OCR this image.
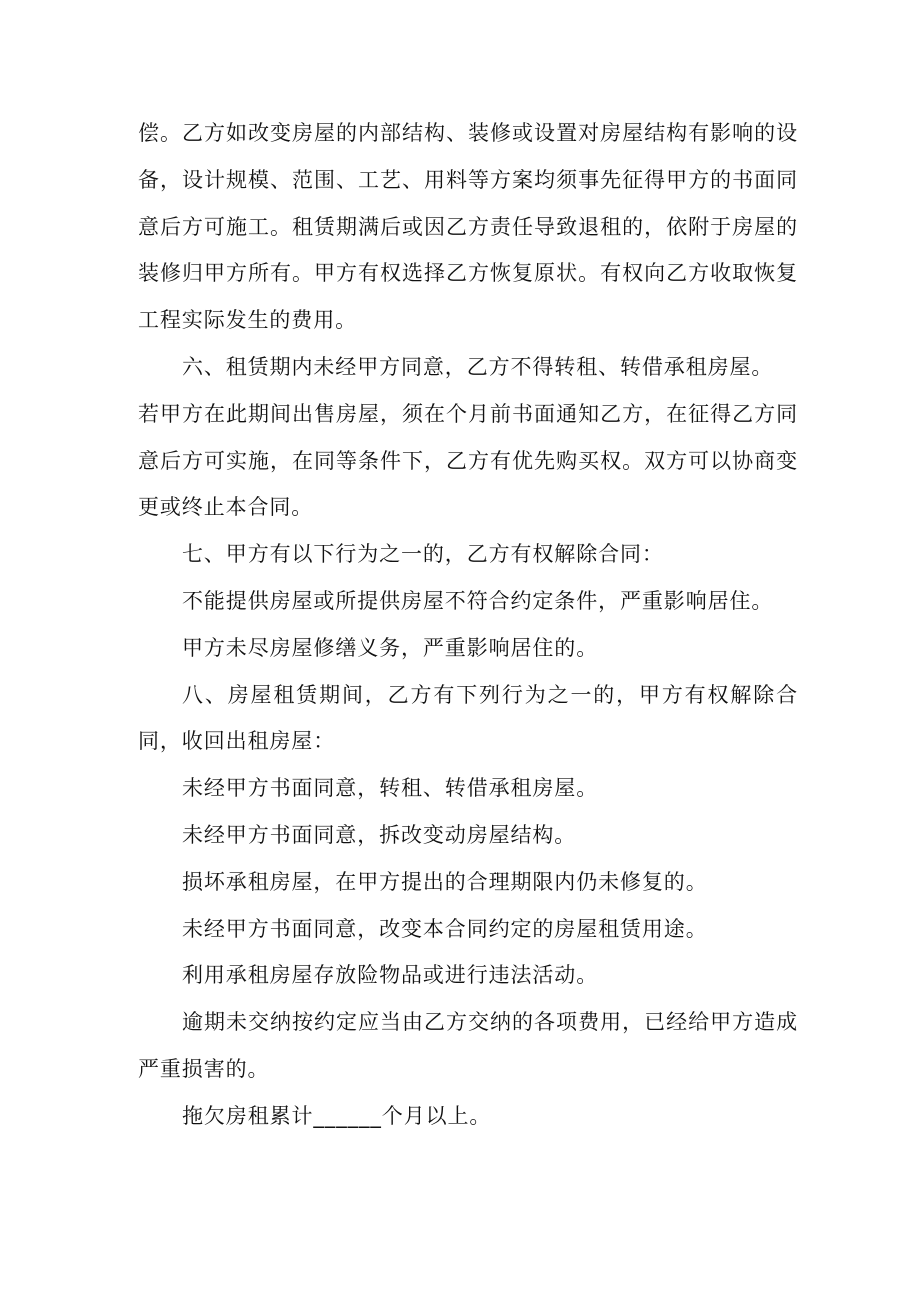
偿。乙方如改变房屋的内部结构、装修或设置对房屋结构有影响的设备，设计规模、范围、工艺、用料等方案均须事先征得甲方的书面同意后方可施工。租赁期满后或因乙方责任导致退租的，依附于房屋的装修归甲方所有。甲方有权选择乙方恢复原状。有权向乙方收取恢复工程实际发生的费用。

六、租赁期内未经甲方同意，乙方不得转租、转借承租房屋。

若甲方在此期间出售房屋，须在个月前书面通知乙方，在征得乙方同意后方可实施，在同等条件下，乙方有优先购买权。双方可以协商变更或终止本合同。

七、甲方有以下行为之一的，乙方有权解除合同：

不能提供房屋或所提供房屋不符合约定条件，严重影响居住。

甲方未尽房屋修缮义务，严重影响居住的。

八、房屋租赁期间，乙方有下列行为之一的，甲方有权解除合同，收回出租房屋：

未经甲方书面同意，转租、转借承租房屋。

未经甲方书面同意，拆改变动房屋结构。

损坏承租房屋，在甲方提出的合理期限内仍未修复的。

未经甲方书面同意，改变本合同约定的房屋租赁用途。

利用承租房屋存放险物品或进行违法活动。

逾期未交纳按约定应当由乙方交纳的各项费用，已经给甲方造成严重损害的。

拖欠房租累计______个月以上。
